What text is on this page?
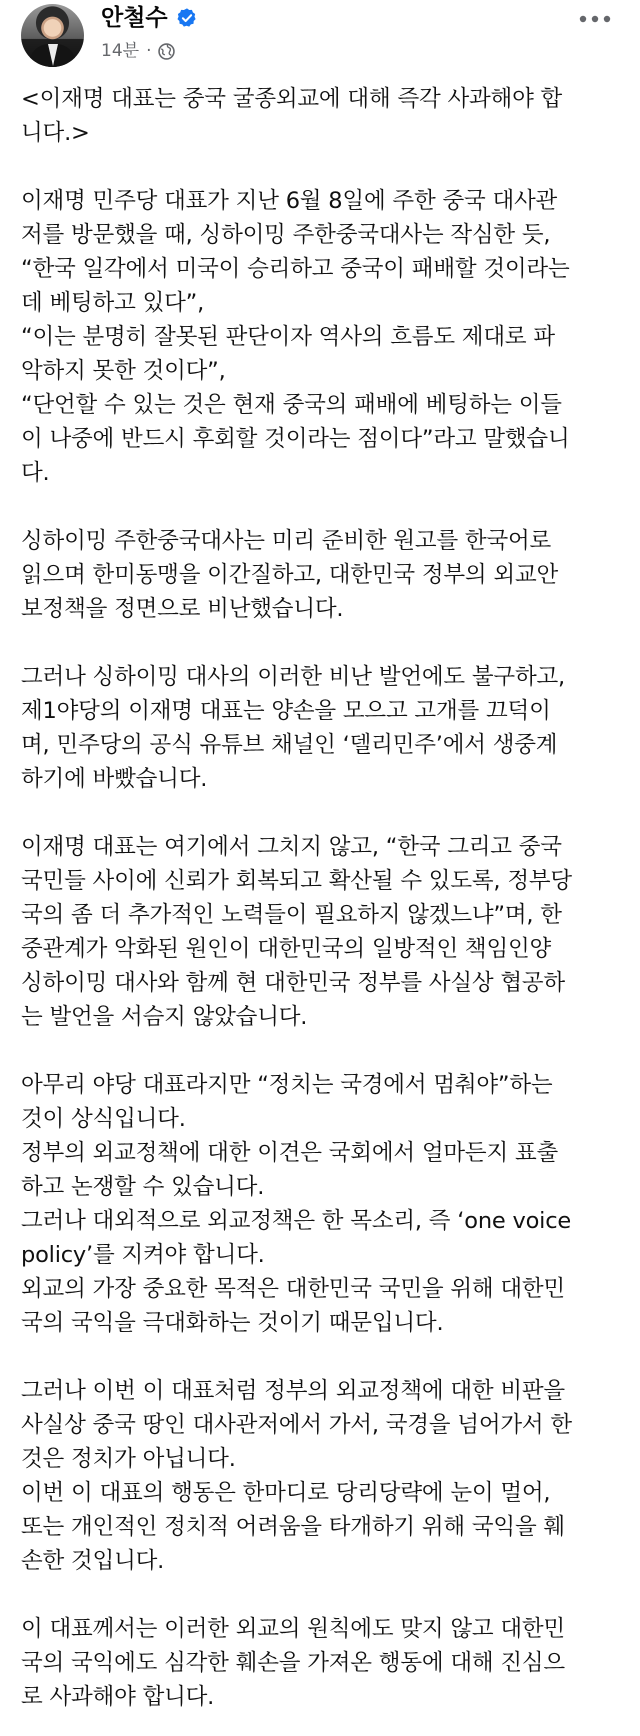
안철수
14분 ·
<이재명 대표는 중국 굴종외교에 대해 즉각 사과해야 합
니다.>
이재명 민주당 대표가 지난 6월 8일에 주한 중국 대사관
저를 방문했을 때, 싱하이밍 주한중국대사는 작심한 듯,
“한국 일각에서 미국이 승리하고 중국이 패배할 것이라는
데 베팅하고 있다”,
“이는 분명히 잘못된 판단이자 역사의 흐름도 제대로 파
악하지 못한 것이다”,
“단언할 수 있는 것은 현재 중국의 패배에 베팅하는 이들
이 나중에 반드시 후회할 것이라는 점이다”라고 말했습니
다.
싱하이밍 주한중국대사는 미리 준비한 원고를 한국어로
읽으며 한미동맹을 이간질하고, 대한민국 정부의 외교안
보정책을 정면으로 비난했습니다.
그러나 싱하이밍 대사의 이러한 비난 발언에도 불구하고,
제1야당의 이재명 대표는 양손을 모으고 고개를 끄덕이
며, 민주당의 공식 유튜브 채널인 ‘델리민주’에서 생중계
하기에 바빴습니다.
이재명 대표는 여기에서 그치지 않고, “한국 그리고 중국
국민들 사이에 신뢰가 회복되고 확산될 수 있도록, 정부당
국의 좀 더 추가적인 노력들이 필요하지 않겠느냐”며, 한
중관계가 악화된 원인이 대한민국의 일방적인 책임인양
싱하이밍 대사와 함께 현 대한민국 정부를 사실상 협공하
는 발언을 서슴지 않았습니다.
아무리 야당 대표라지만 “정치는 국경에서 멈춰야”하는
것이 상식입니다.
정부의 외교정책에 대한 이견은 국회에서 얼마든지 표출
하고 논쟁할 수 있습니다.
그러나 대외적으로 외교정책은 한 목소리, 즉 ‘one voice
policy’를 지켜야 합니다.
외교의 가장 중요한 목적은 대한민국 국민을 위해 대한민
국의 국익을 극대화하는 것이기 때문입니다.
그러나 이번 이 대표처럼 정부의 외교정책에 대한 비판을
사실상 중국 땅인 대사관저에서 가서, 국경을 넘어가서 한
것은 정치가 아닙니다.
이번 이 대표의 행동은 한마디로 당리당략에 눈이 멀어,
또는 개인적인 정치적 어려움을 타개하기 위해 국익을 훼
손한 것입니다.
이 대표께서는 이러한 외교의 원칙에도 맞지 않고 대한민
국의 국익에도 심각한 훼손을 가져온 행동에 대해 진심으
로 사과해야 합니다.
